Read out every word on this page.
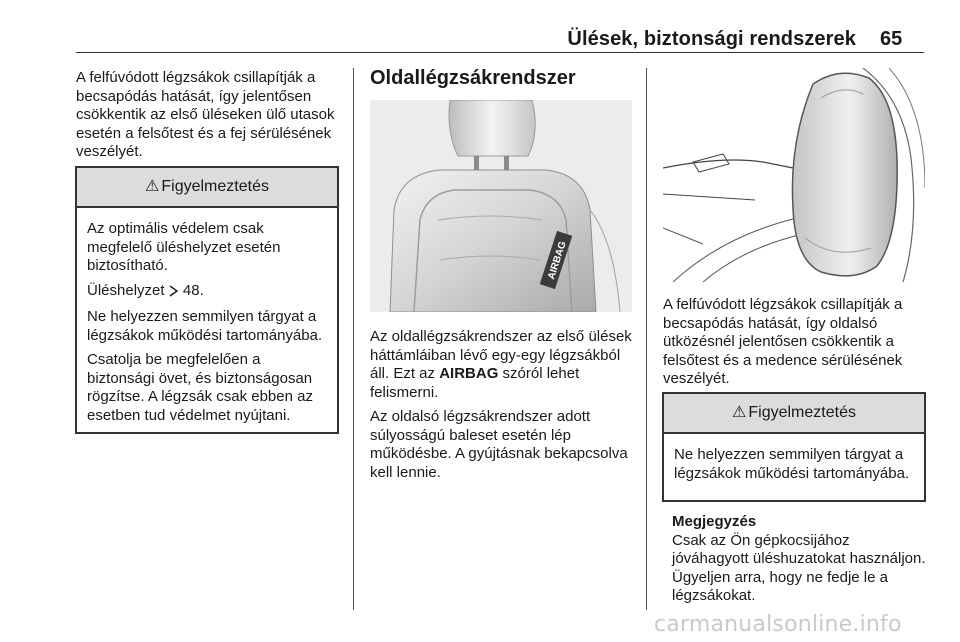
Ülések, biztonsági rendszerek 65

A felfúvódott légzsákok csillapítják a becsapódás hatását, így jelentősen csökkentik az első üléseken ülő utasok esetén a felsőtest és a fej sérülésének veszélyét.

⚠ Figyelmeztetés

Az optimális védelem csak megfelelő üléshelyzet esetén biztosítható.

Üléshelyzet 48.

Ne helyezzen semmilyen tárgyat a légzsákok működési tartományába.

Csatolja be megfelelően a biztonsági övet, és biztonságosan rögzítse. A légzsák csak ebben az esetben tud védelmet nyújtani.

Oldallégzsákrendszer
AIRBAG

Az oldallégzsákrendszer az első ülések háttámláiban lévő egy-egy légzsákból áll. Ezt az AIRBAG szóról lehet felismerni.

Az oldalsó légzsákrendszer adott súlyosságú baleset esetén lép működésbe. A gyújtásnak bekapcsolva kell lennie.

A felfúvódott légzsákok csillapítják a becsapódás hatását, így oldalsó ütközésnél jelentősen csökkentik a felsőtest és a medence sérülésének veszélyét.

⚠ Figyelmeztetés

Ne helyezzen semmilyen tárgyat a légzsákok működési tartományába.

Megjegyzés
Csak az Ön gépkocsijához jóváhagyott üléshuzatokat használjon. Ügyeljen arra, hogy ne fedje le a légzsákokat.
carmanualsonline.info
